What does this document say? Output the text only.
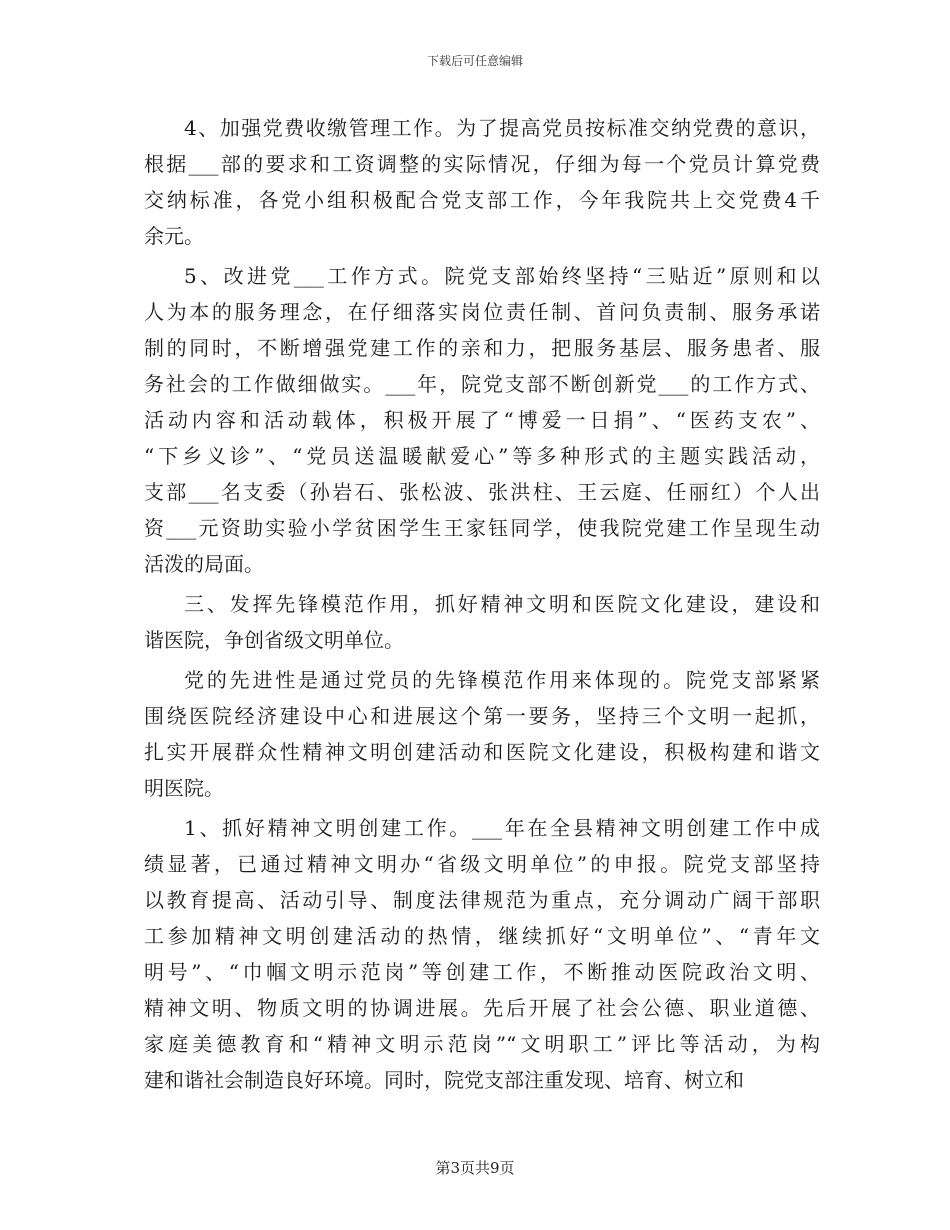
下载后可任意编辑
4、加强党费收缴管理工作。为了提高党员按标准交纳党费的意识，
根据___部的要求和工资调整的实际情况，仔细为每一个党员计算党费
交纳标准，各党小组积极配合党支部工作，今年我院共上交党费4千
余元。
5、改进党___工作方式。院党支部始终坚持“三贴近”原则和以
人为本的服务理念，在仔细落实岗位责任制、首问负责制、服务承诺
制的同时，不断增强党建工作的亲和力，把服务基层、服务患者、服
务社会的工作做细做实。___年，院党支部不断创新党___的工作方式、
活动内容和活动载体，积极开展了“博爱一日捐”、“医药支农”、
“下乡义诊”、“党员送温暖献爱心”等多种形式的主题实践活动，
支部___名支委（孙岩石、张松波、张洪柱、王云庭、任丽红）个人出
资___元资助实验小学贫困学生王家钰同学，使我院党建工作呈现生动
活泼的局面。
三、发挥先锋模范作用，抓好精神文明和医院文化建设，建设和
谐医院，争创省级文明单位。
党的先进性是通过党员的先锋模范作用来体现的。院党支部紧紧
围绕医院经济建设中心和进展这个第一要务，坚持三个文明一起抓，
扎实开展群众性精神文明创建活动和医院文化建设，积极构建和谐文
明医院。
1、抓好精神文明创建工作。___年在全县精神文明创建工作中成
绩显著，已通过精神文明办“省级文明单位”的申报。院党支部坚持
以教育提高、活动引导、制度法律规范为重点，充分调动广阔干部职
工参加精神文明创建活动的热情，继续抓好“文明单位”、“青年文
明号”、“巾帼文明示范岗”等创建工作，不断推动医院政治文明、
精神文明、物质文明的协调进展。先后开展了社会公德、职业道德、
家庭美德教育和“精神文明示范岗”“文明职工”评比等活动，为构
建和谐社会制造良好环境。同时，院党支部注重发现、培育、树立和
第3页共9页
